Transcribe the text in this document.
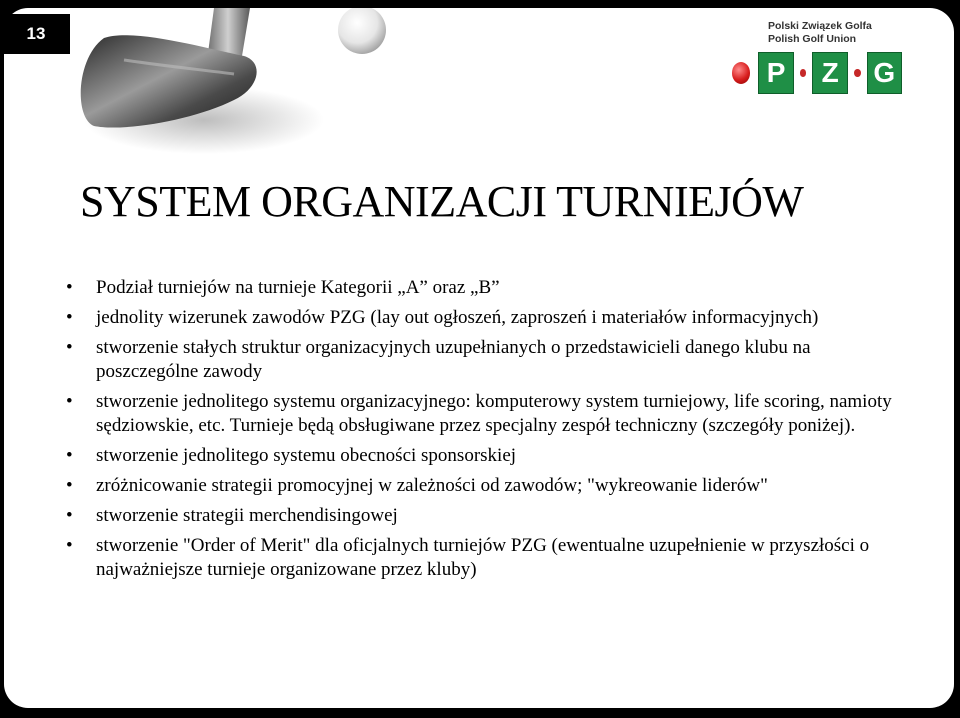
Polski Związek Golfa
Polish Golf Union
P	Z	G
SYSTEM ORGANIZACJI TURNIEJÓW
• Podział turniejów na turnieje Kategorii „A” oraz „B”
• jednolity wizerunek zawodów PZG (lay out ogłoszeń, zaproszeń i materiałów informacyjnych)
• stworzenie stałych struktur organizacyjnych uzupełnianych o przedstawicieli danego klubu na poszczególne zawody
• stworzenie jednolitego systemu organizacyjnego: komputerowy system turniejowy, life scoring, namioty sędziowskie, etc. Turnieje będą obsługiwane przez specjalny zespół techniczny (szczegóły poniżej).
• stworzenie jednolitego systemu obecności sponsorskiej
• zróżnicowanie strategii promocyjnej w zależności od zawodów; "wykreowanie liderów"
• stworzenie strategii merchendisingowej
• stworzenie "Order of Merit" dla oficjalnych turniejów PZG (ewentualne uzupełnienie w przyszłości o najważniejsze turnieje organizowane przez kluby)
13
